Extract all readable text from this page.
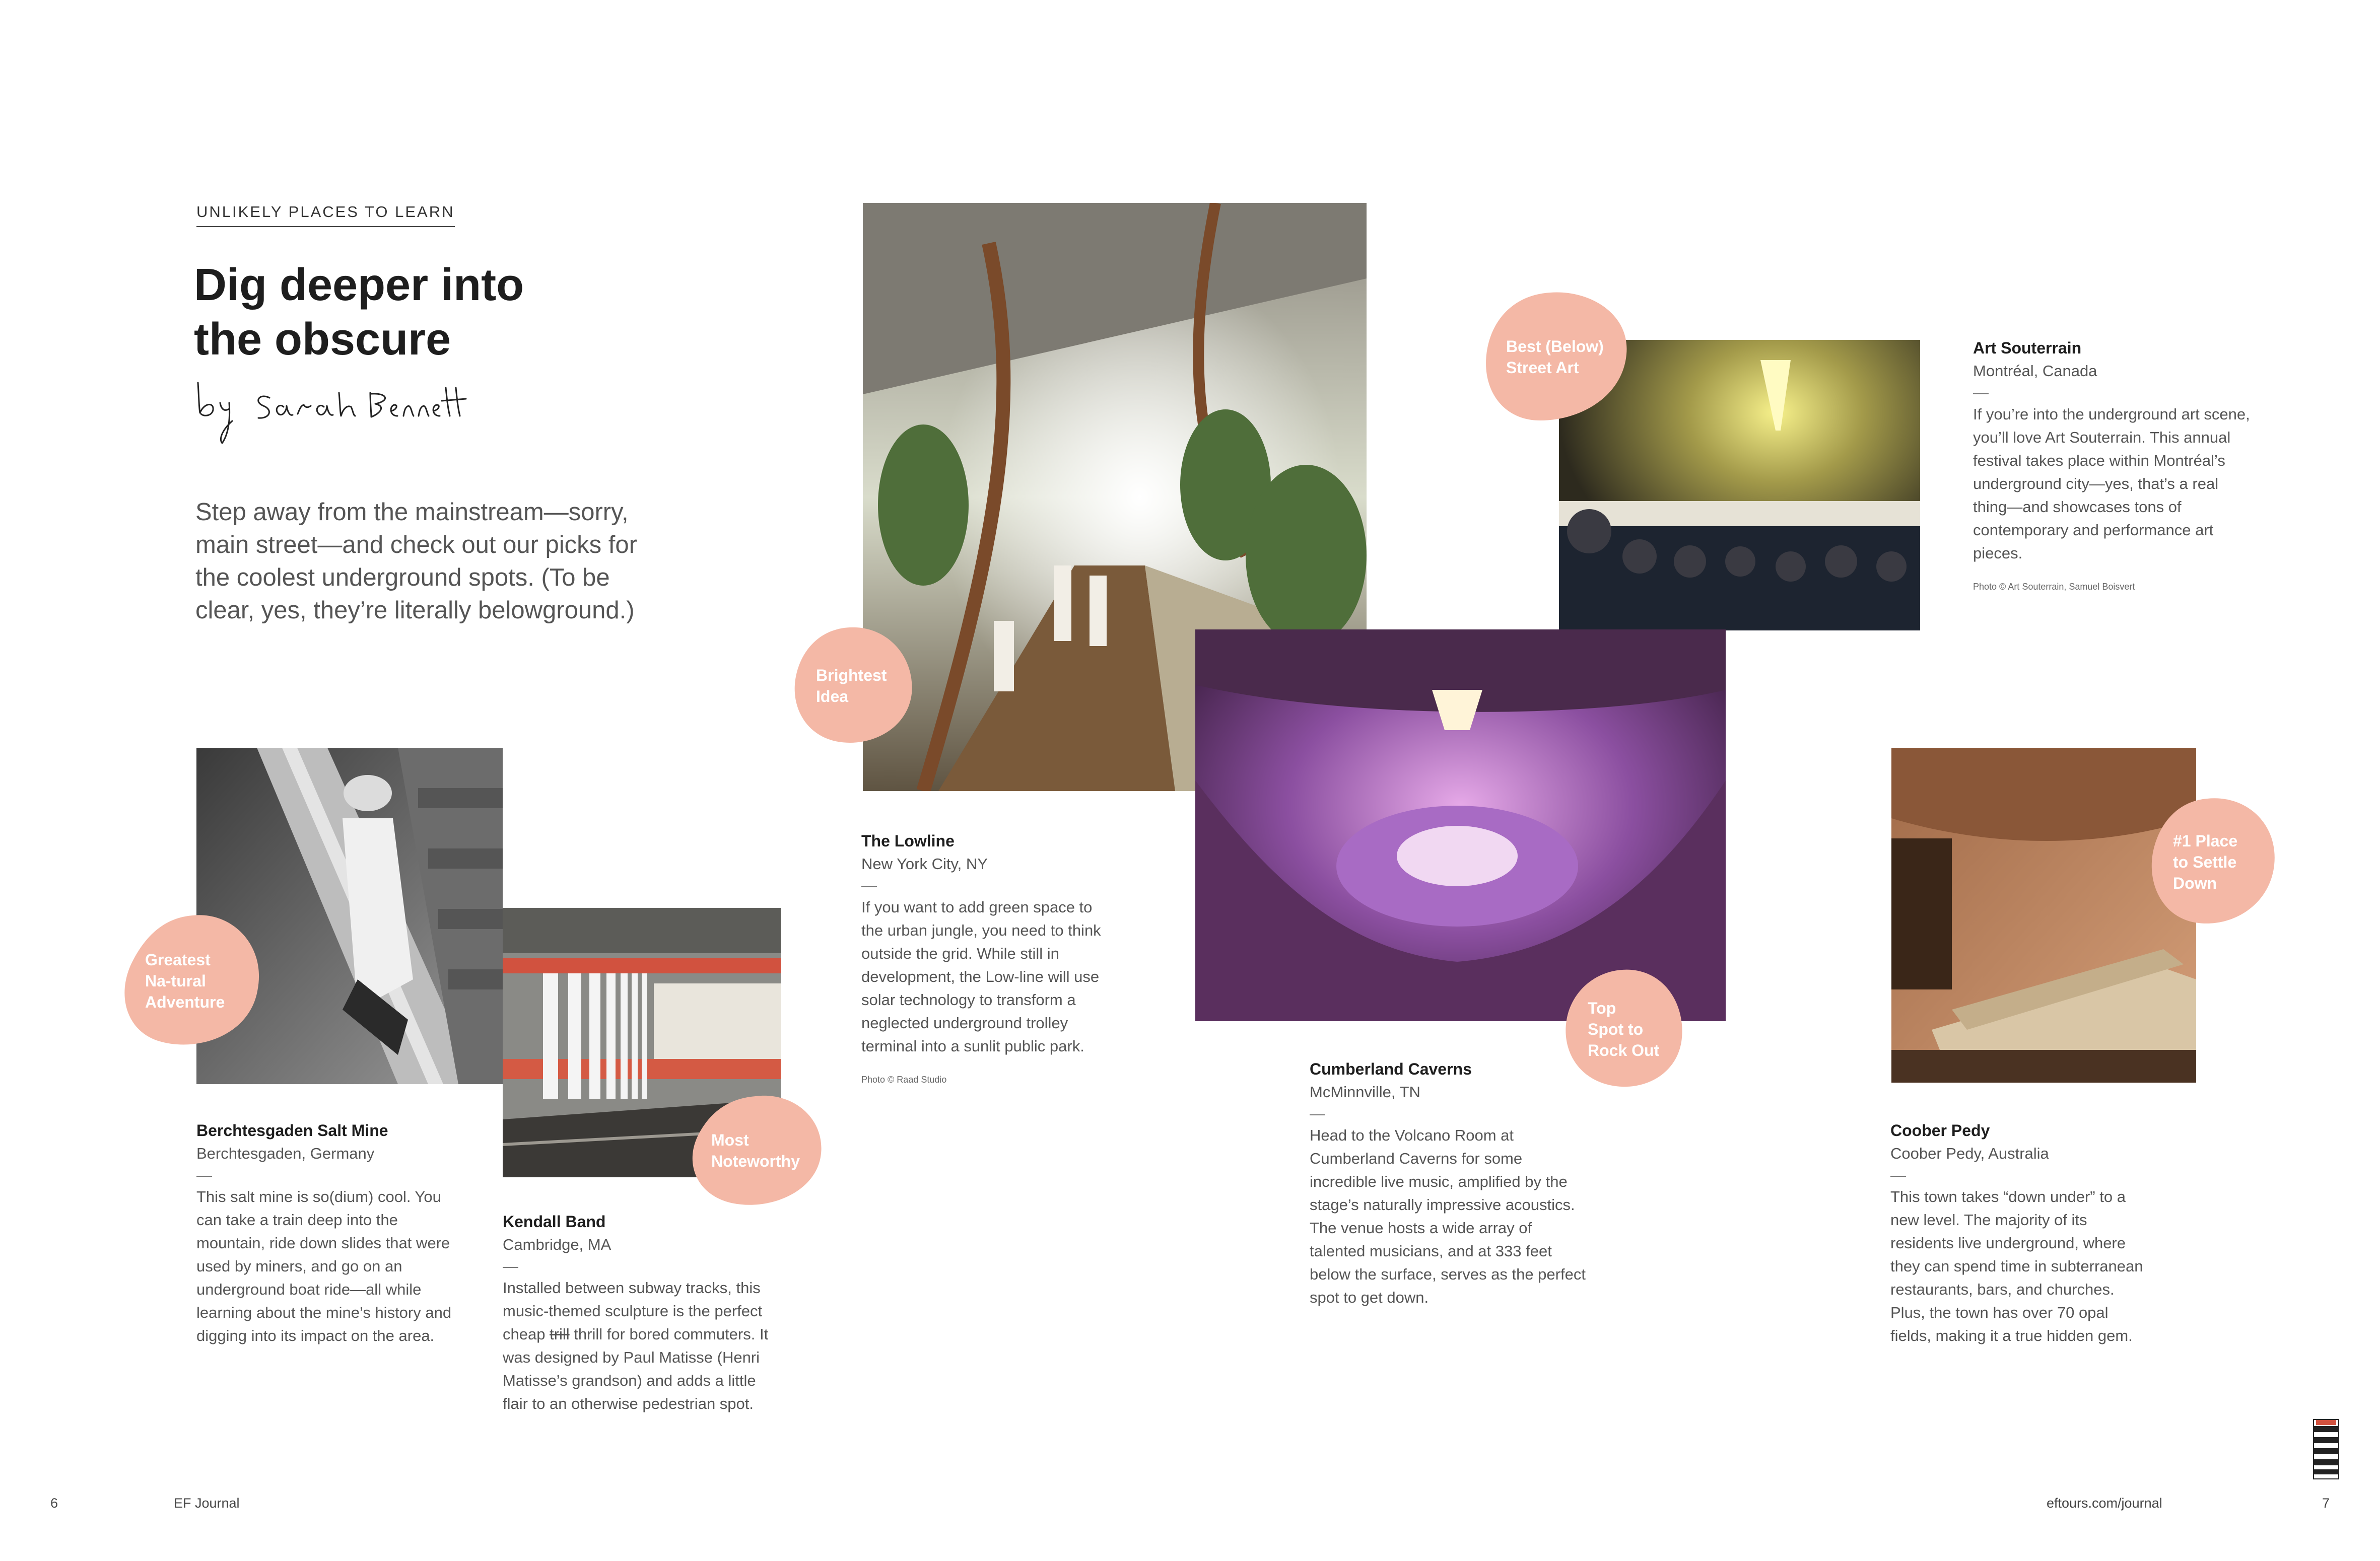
UNLIKELY PLACES TO LEARN
Dig deeper into
the obscure
Step away from the mainstream—sorry, main street—and check out our picks for the coolest underground spots. (To be clear, yes, they’re literally belowground.)
Greatest
Na-tural
Adventure
Most
Noteworthy
Brightest
Idea
Best (Below)
Street Art
Top
Spot to
Rock Out
#1 Place
to Settle
Down
Berchtesgaden Salt Mine
Berchtesgaden, Germany
—
This salt mine is so(dium) cool. You can take a train deep into the mountain, ride down slides that were used by miners, and go on an underground boat ride—all while learning about the mine’s history and digging into its impact on the area.
Kendall Band
Cambridge, MA
—
Installed between subway tracks, this music-themed sculpture is the perfect cheap trill thrill for bored commuters. It was designed by Paul Matisse (Henri Matisse’s grandson) and adds a little flair to an otherwise pedestrian spot.
The Lowline
New York City, NY
—
If you want to add green space to the urban jungle, you need to think outside the grid. While still in development, the Low-line will use solar technology to transform a neglected underground trolley terminal into a sunlit public park.
Photo © Raad Studio
Art Souterrain
Montréal, Canada
—
If you’re into the underground art scene, you’ll love Art Souterrain. This annual festival takes place within Montréal’s underground city—yes, that’s a real thing—and showcases tons of contemporary and performance art pieces.
Photo © Art Souterrain, Samuel Boisvert
Cumberland Caverns
McMinnville, TN
—
Head to the Volcano Room at Cumberland Caverns for some incredible live music, amplified by the stage’s naturally impressive acoustics. The venue hosts a wide array of talented musicians, and at 333 feet below the surface, serves as the perfect spot to get down.
Coober Pedy
Coober Pedy, Australia
—
This town takes “down under” to a new level. The majority of its residents live underground, where they can spend time in subterranean restaurants, bars, and churches. Plus, the town has over 70 opal fields, making it a true hidden gem.
6	EF Journal	eftours.com/journal	7
